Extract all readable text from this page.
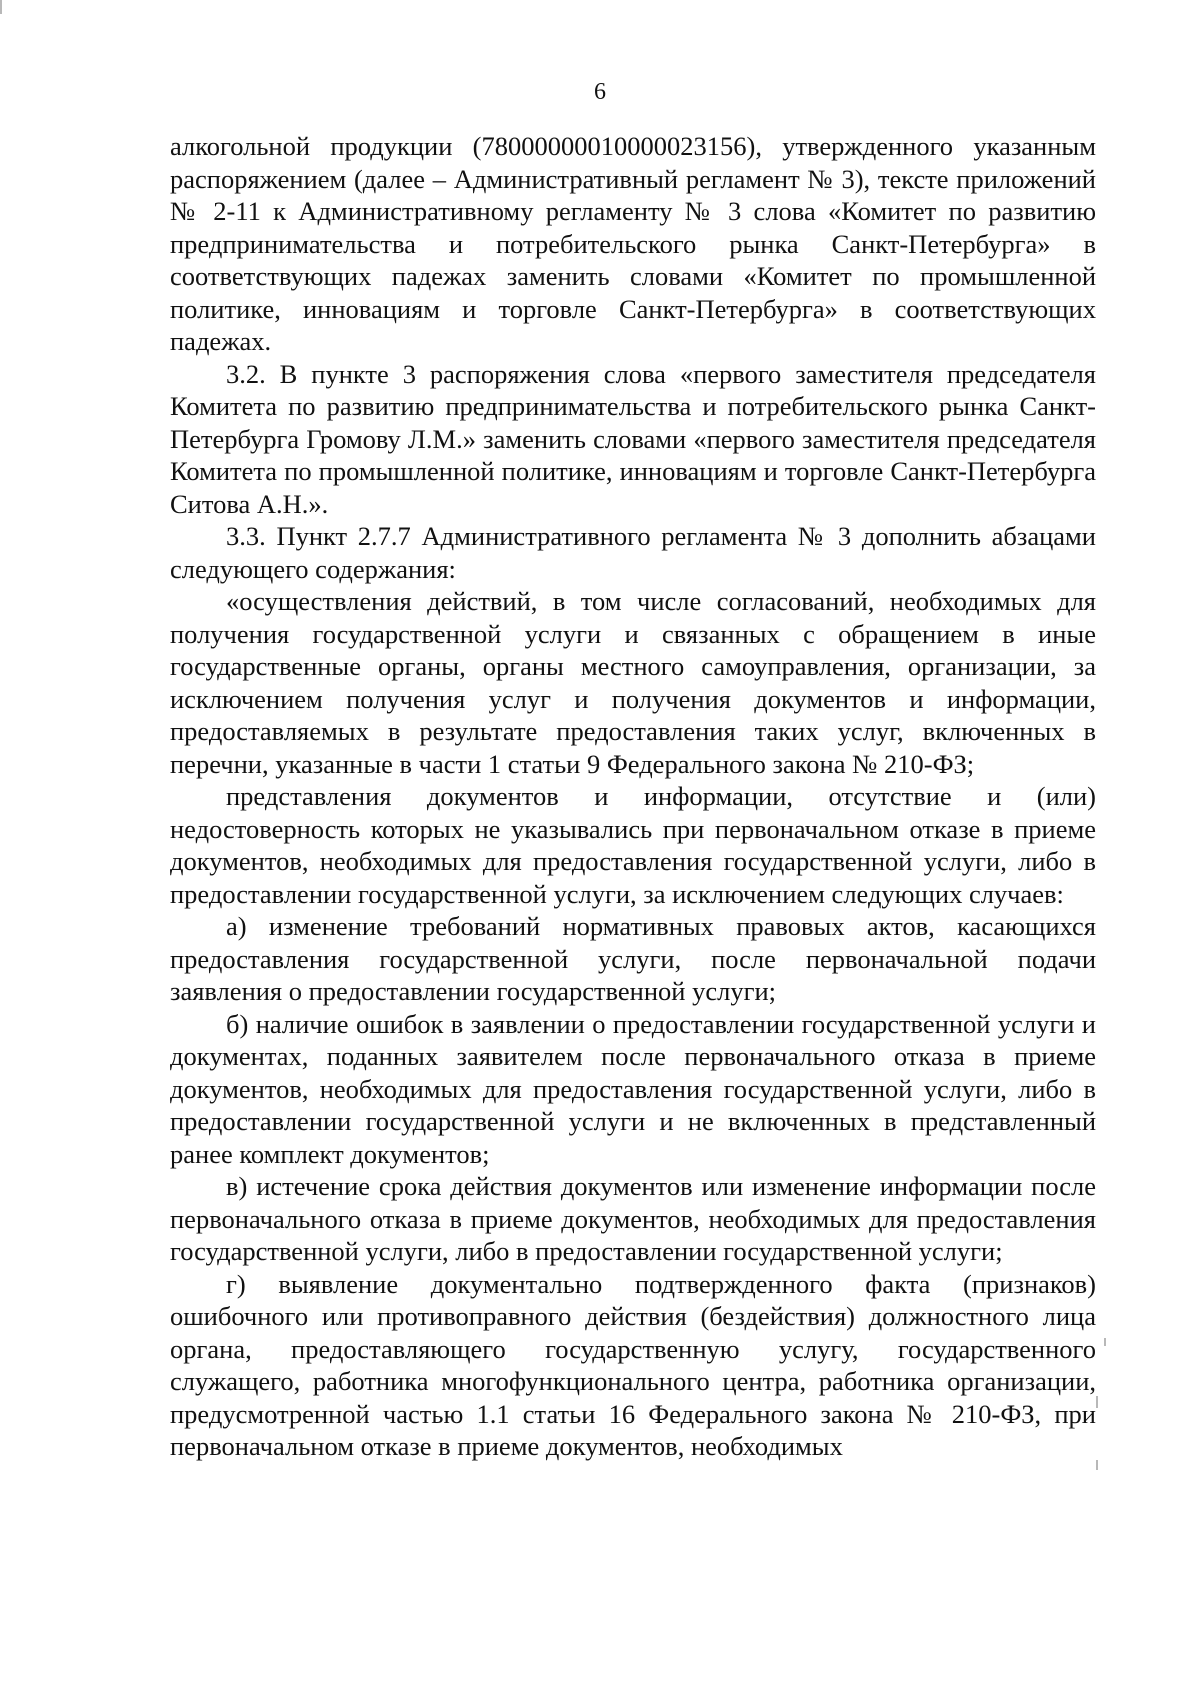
6

алкогольной продукции (78000000010000023156), утвержденного указанным распоряжением (далее – Административный регламент № 3), тексте приложений № 2-11 к Административному регламенту № 3 слова «Комитет по развитию предпринимательства и потребительского рынка Санкт-Петербурга» в соответствующих падежах заменить словами «Комитет по промышленной политике, инновациям и торговле Санкт-Петербурга» в соответствующих падежах.

3.2. В пункте 3 распоряжения слова «первого заместителя председателя Комитета по развитию предпринимательства и потребительского рынка Санкт-Петербурга Громову Л.М.» заменить словами «первого заместителя председателя Комитета по промышленной политике, инновациям и торговле Санкт-Петербурга Ситова А.Н.».

3.3. Пункт 2.7.7 Административного регламента № 3 дополнить абзацами следующего содержания:

«осуществления действий, в том числе согласований, необходимых для получения государственной услуги и связанных с обращением в иные государственные органы, органы местного самоуправления, организации, за исключением получения услуг и получения документов и информации, предоставляемых в результате предоставления таких услуг, включенных в перечни, указанные в части 1 статьи 9 Федерального закона № 210-ФЗ;

представления документов и информации, отсутствие и (или) недостоверность которых не указывались при первоначальном отказе в приеме документов, необходимых для предоставления государственной услуги, либо в предоставлении государственной услуги, за исключением следующих случаев:

а) изменение требований нормативных правовых актов, касающихся предоставления государственной услуги, после первоначальной подачи заявления о предоставлении государственной услуги;

б) наличие ошибок в заявлении о предоставлении государственной услуги и документах, поданных заявителем после первоначального отказа в приеме документов, необходимых для предоставления государственной услуги, либо в предоставлении государственной услуги и не включенных в представленный ранее комплект документов;

в) истечение срока действия документов или изменение информации после первоначального отказа в приеме документов, необходимых для предоставления государственной услуги, либо в предоставлении государственной услуги;

г) выявление документально подтвержденного факта (признаков) ошибочного или противоправного действия (бездействия) должностного лица органа, предоставляющего государственную услугу, государственного служащего, работника многофункционального центра, работника организации, предусмотренной частью 1.1 статьи 16 Федерального закона № 210-ФЗ, при первоначальном отказе в приеме документов, необходимых
